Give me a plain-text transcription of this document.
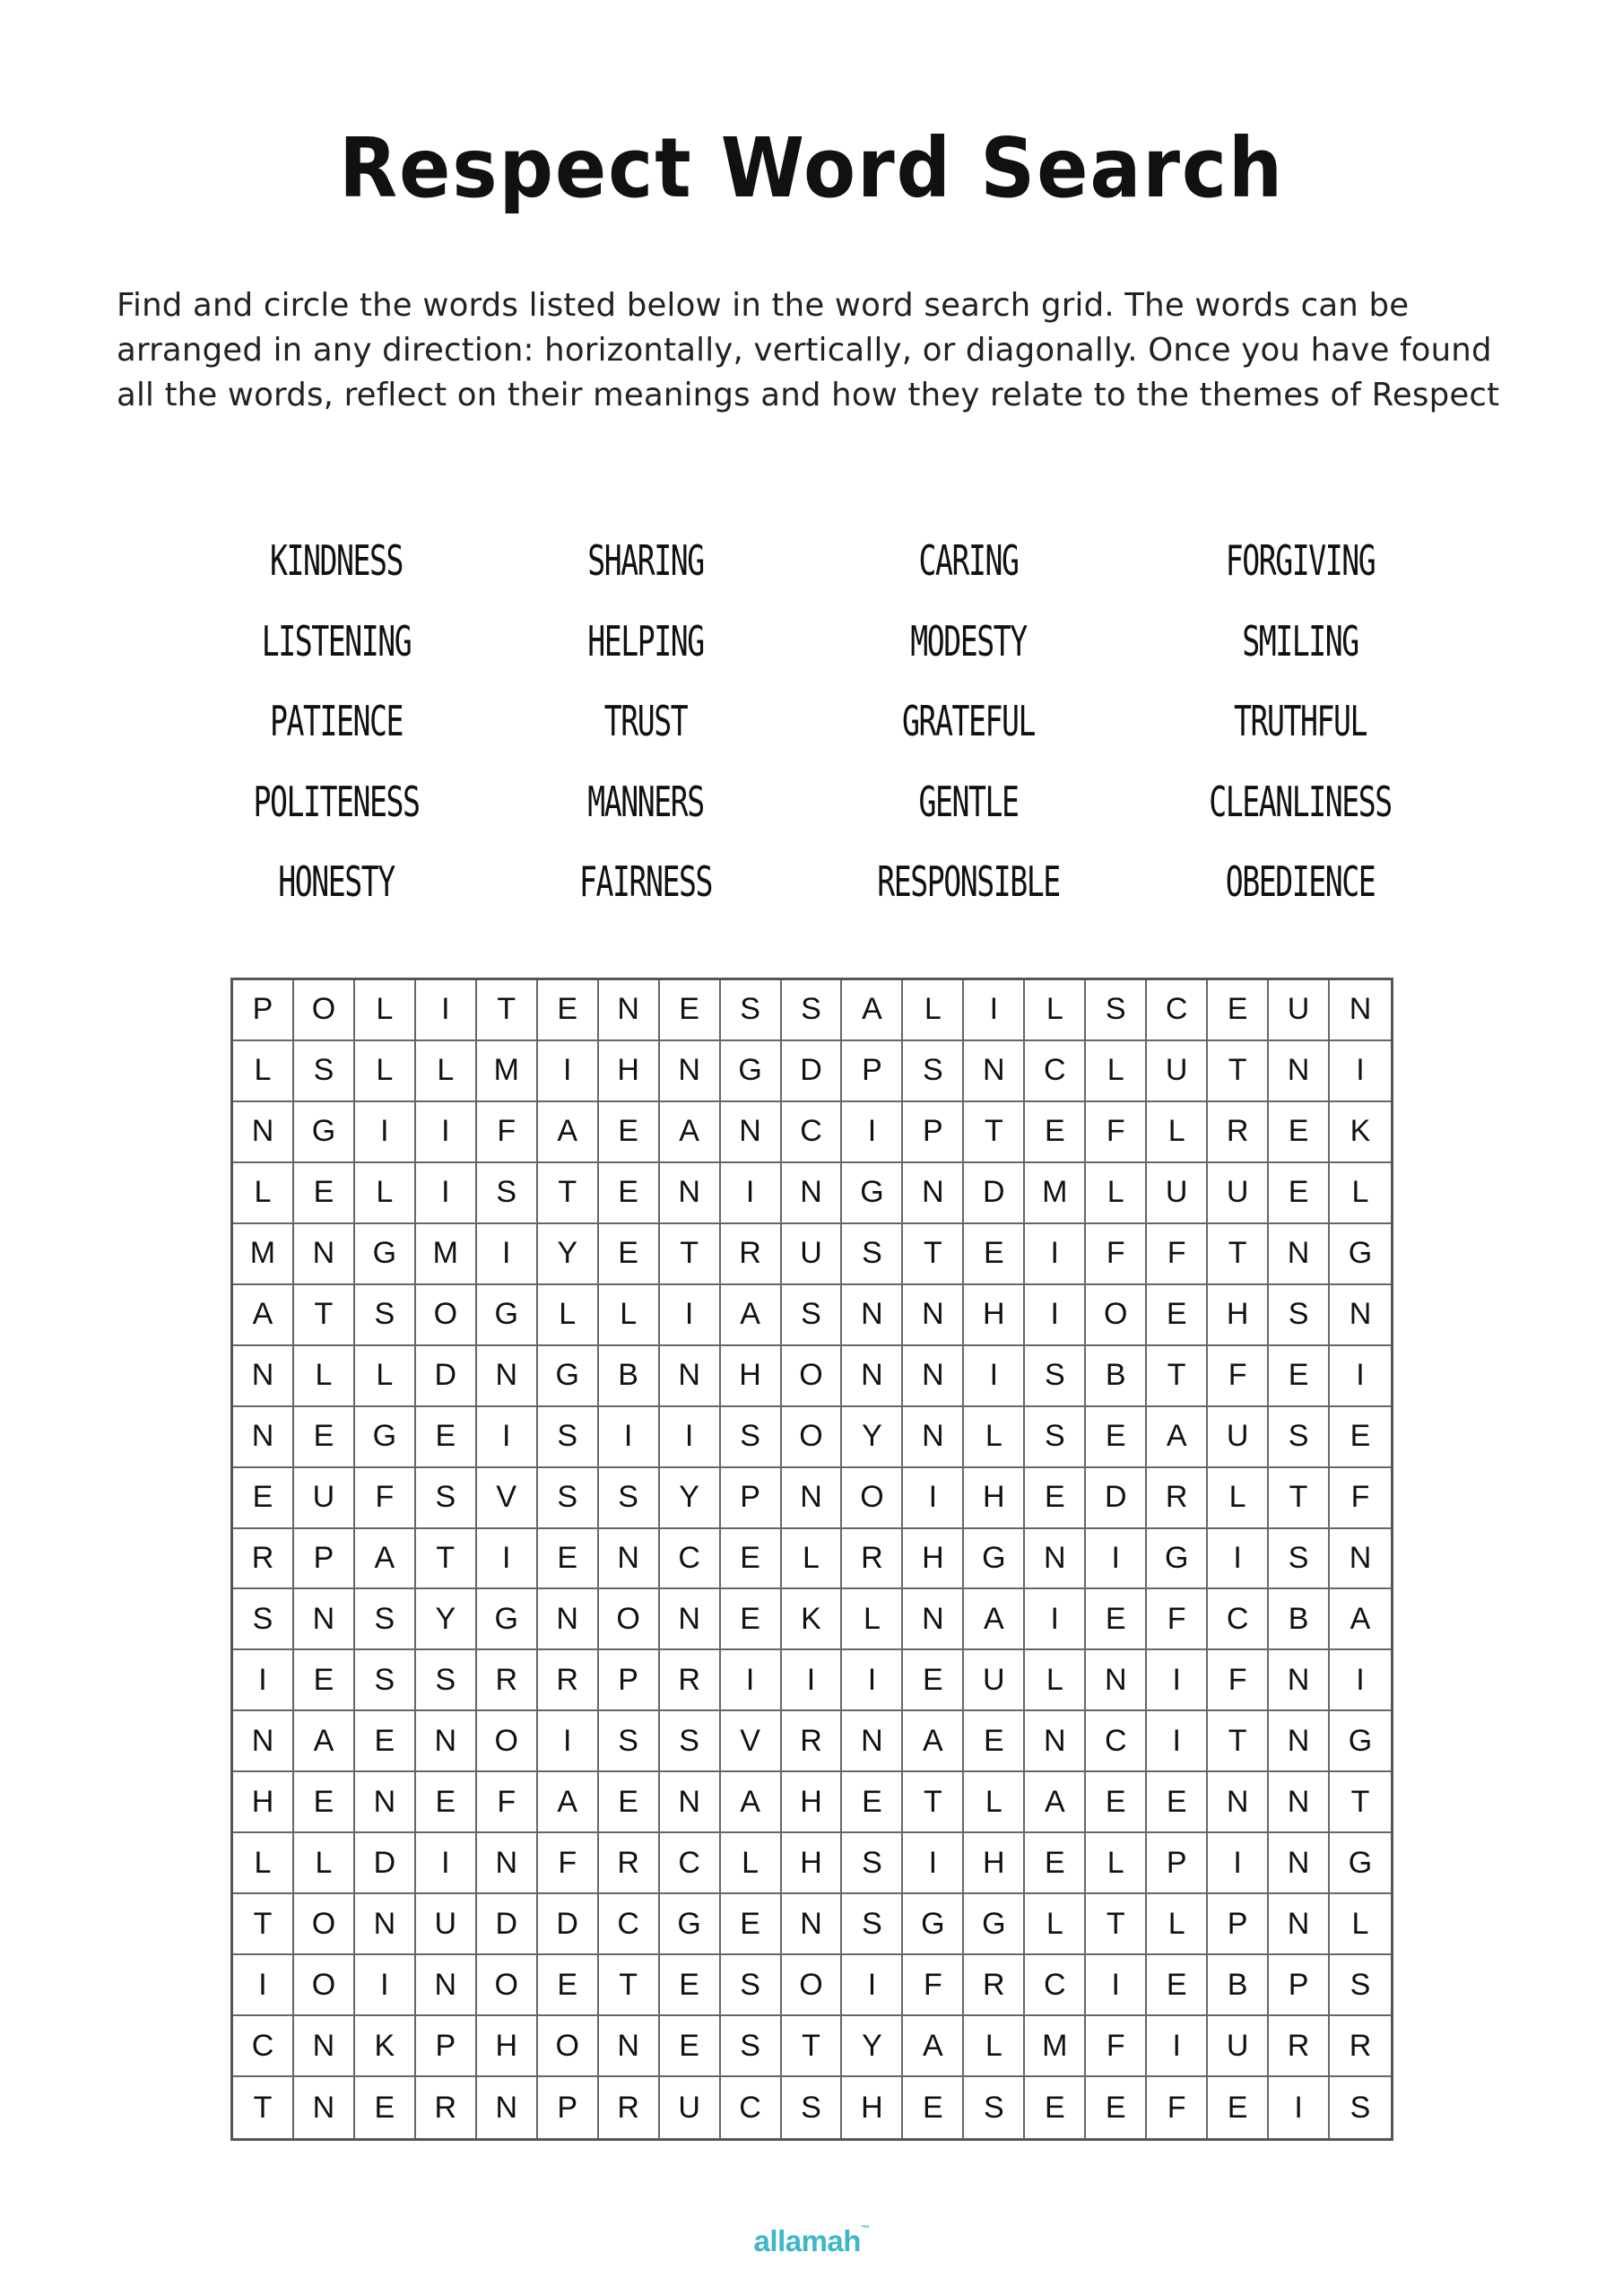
Respect Word Search
Find and circle the words listed below in the word search grid. The words can be arranged in any direction: horizontally, vertically, or diagonally. Once you have found all the words, reflect on their meanings and how they relate to the themes of Respect
KINDNESS	SHARING	CARING	FORGIVING
LISTENING	HELPING	MODESTY	SMILING
PATIENCE	TRUST	GRATEFUL	TRUTHFUL
POLITENESS	MANNERS	GENTLE	CLEANLINESS
HONESTY	FAIRNESS	RESPONSIBLE	OBEDIENCE
P	O	L	I	T	E	N	E	S	S	A	L	I	L	S	C	E	U	N
L	S	L	L	M	I	H	N	G	D	P	S	N	C	L	U	T	N	I
N	G	I	I	F	A	E	A	N	C	I	P	T	E	F	L	R	E	K
L	E	L	I	S	T	E	N	I	N	G	N	D	M	L	U	U	E	L
M	N	G	M	I	Y	E	T	R	U	S	T	E	I	F	F	T	N	G
A	T	S	O	G	L	L	I	A	S	N	N	H	I	O	E	H	S	N
N	L	L	D	N	G	B	N	H	O	N	N	I	S	B	T	F	E	I
N	E	G	E	I	S	I	I	S	O	Y	N	L	S	E	A	U	S	E
E	U	F	S	V	S	S	Y	P	N	O	I	H	E	D	R	L	T	F
R	P	A	T	I	E	N	C	E	L	R	H	G	N	I	G	I	S	N
S	N	S	Y	G	N	O	N	E	K	L	N	A	I	E	F	C	B	A
I	E	S	S	R	R	P	R	I	I	I	E	U	L	N	I	F	N	I
N	A	E	N	O	I	S	S	V	R	N	A	E	N	C	I	T	N	G
H	E	N	E	F	A	E	N	A	H	E	T	L	A	E	E	N	N	T
L	L	D	I	N	F	R	C	L	H	S	I	H	E	L	P	I	N	G
T	O	N	U	D	D	C	G	E	N	S	G	G	L	T	L	P	N	L
I	O	I	N	O	E	T	E	S	O	I	F	R	C	I	E	B	P	S
C	N	K	P	H	O	N	E	S	T	Y	A	L	M	F	I	U	R	R
T	N	E	R	N	P	R	U	C	S	H	E	S	E	E	F	E	I	S
allamah™
